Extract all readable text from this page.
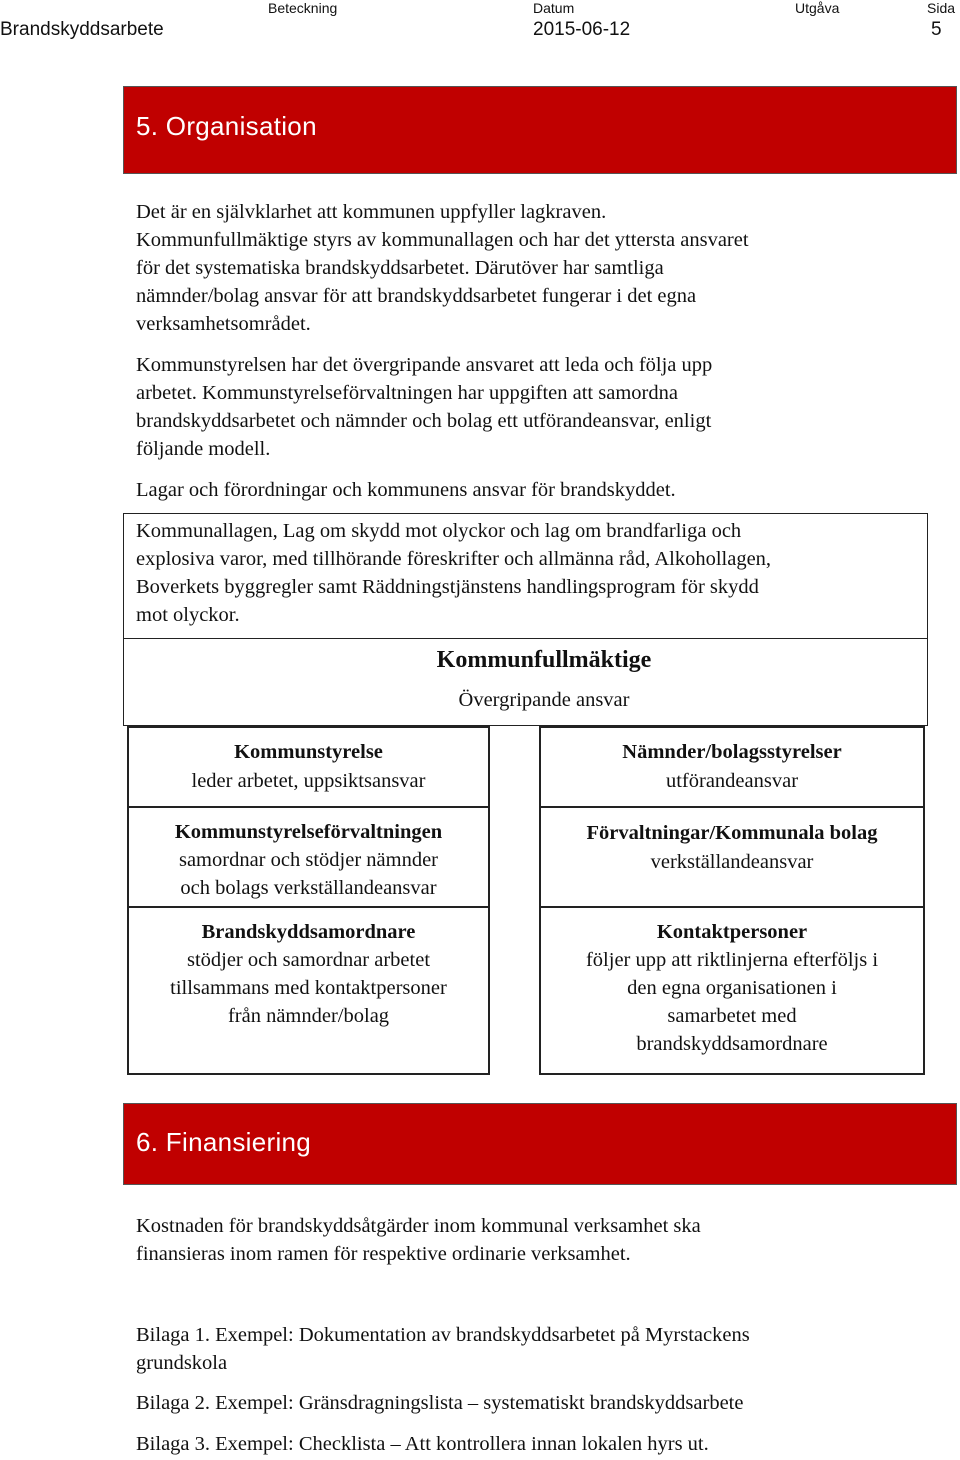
Brandskyddsarbete
Beteckning	Datum
2015-06-12
Utgåva	Sida
5
5. Organisation
Det är en självklarhet att kommunen uppfyller lagkraven.
Kommunfullmäktige styrs av kommunallagen och har det yttersta ansvaret
för det systematiska brandskyddsarbetet. Därutöver har samtliga
nämnder/bolag ansvar för att brandskyddsarbetet fungerar i det egna
verksamhetsområdet.
Kommunstyrelsen har det övergripande ansvaret att leda och följa upp
arbetet. Kommunstyrelseförvaltningen har uppgiften att samordna
brandskyddsarbetet och nämnder och bolag ett utförandeansvar, enligt
följande modell.
Lagar och förordningar och kommunens ansvar för brandskyddet.
Kommunallagen, Lag om skydd mot olyckor och lag om brandfarliga och
explosiva varor, med tillhörande föreskrifter och allmänna råd, Alkohollagen,
Boverkets byggregler samt Räddningstjänstens handlingsprogram för skydd
mot olyckor.
Kommunfullmäktige
Övergripande ansvar
Kommunstyrelse
leder arbetet, uppsiktsansvar
Kommunstyrelseförvaltningen
samordnar och stödjer nämnder
och bolags verkställandeansvar
Brandskyddsamordnare
stödjer och samordnar arbetet
tillsammans med kontaktpersoner
från nämnder/bolag
Nämnder/bolagsstyrelser
utförandeansvar
Förvaltningar/Kommunala bolag
verkställandeansvar
Kontaktpersoner
följer upp att riktlinjerna efterföljs i
den egna organisationen i
samarbetet med
brandskyddsamordnare
6. Finansiering
Kostnaden för brandskyddsåtgärder inom kommunal verksamhet ska
finansieras inom ramen för respektive ordinarie verksamhet.
Bilaga 1. Exempel: Dokumentation av brandskyddsarbetet på Myrstackens
grundskola
Bilaga 2. Exempel: Gränsdragningslista – systematiskt brandskyddsarbete
Bilaga 3. Exempel: Checklista – Att kontrollera innan lokalen hyrs ut.
